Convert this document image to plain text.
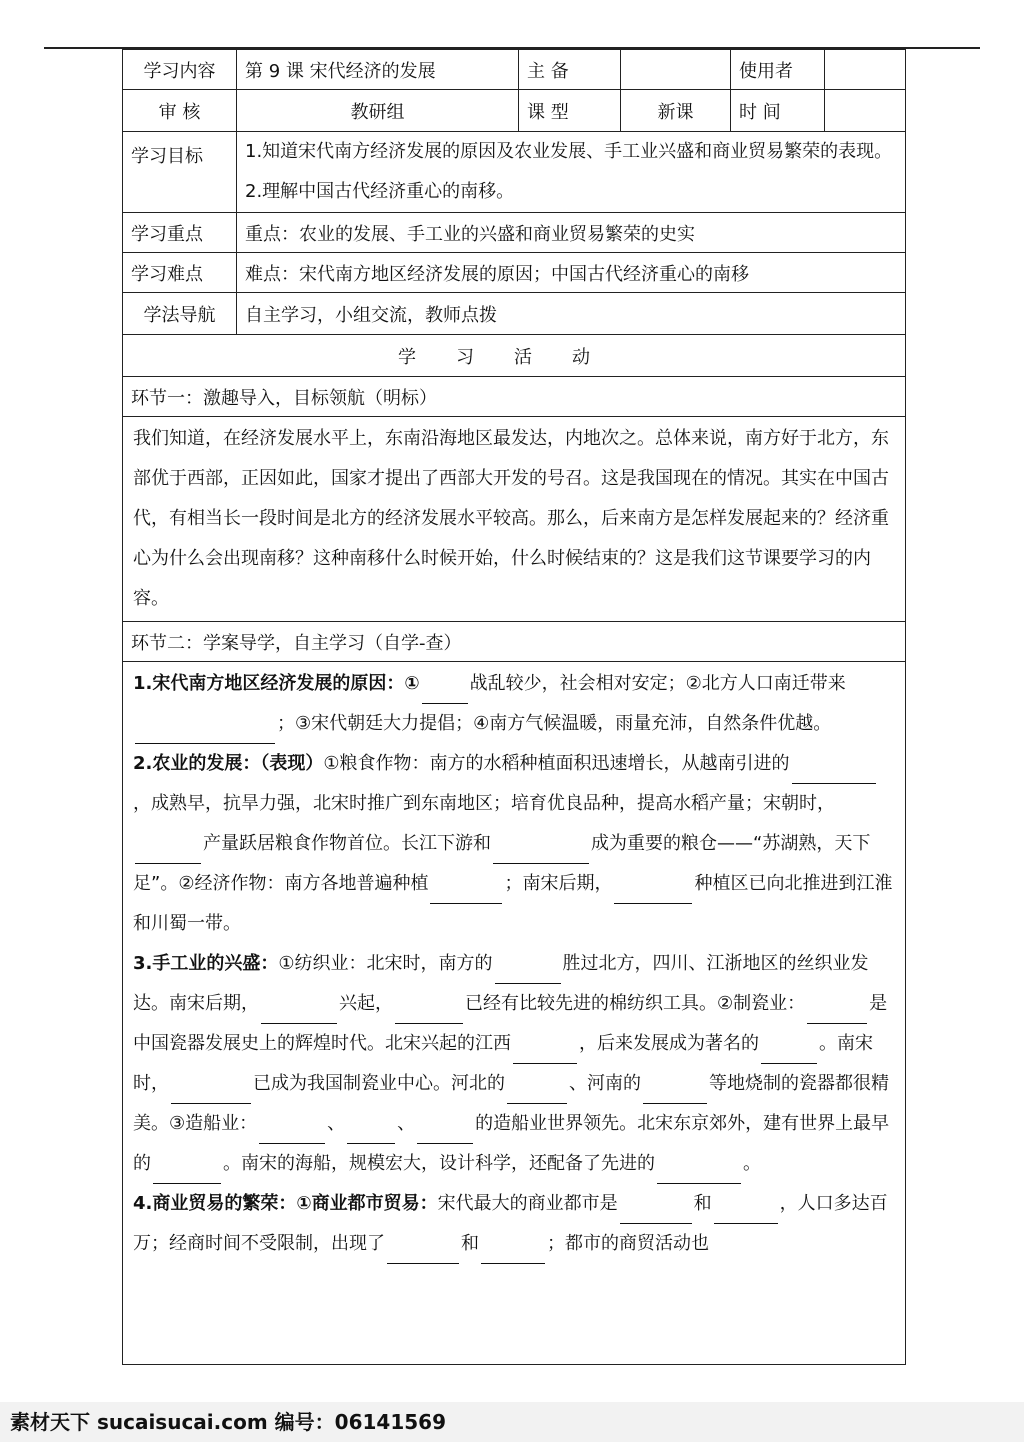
学习内容	第 9 课 宋代经济的发展	主 备		使用者	
审 核	教研组	课 型	新课	时 间	
学习目标	1.知道宋代南方经济发展的原因及农业发展、手工业兴盛和商业贸易繁荣的表现。
2.理解中国古代经济重心的南移。				

学习重点	重点：农业的发展、手工业的兴盛和商业贸易繁荣的史实				
学习难点	难点：宋代南方地区经济发展的原因；中国古代经济重心的南移				
学法导航	自主学习，小组交流，教师点拨				
学习活动					
环节一：激趣导入，目标领航（明标）					
我们知道，在经济发展水平上，东南沿海地区最发达，内地次之。总体来说，南方好于北方，东部优于西部，正因如此，国家才提出了西部大开发的号召。这是我国现在的情况。其实在中国古代，有相当长一段时间是北方的经济发展水平较高。那么，后来南方是怎样发展起来的？经济重心为什么会出现南移？这种南移什么时候开始，什么时候结束的？这是我们这节课要学习的内容。					
环节二：学案导学，自主学习（自学-查）					

1.宋代南方地区经济发展的原因：① 战乱较少，社会相对安定；②北方人口南迁带来；③宋代朝廷大力提倡；④南方气候温暖，雨量充沛，自然条件优越。
2.农业的发展：（表现）①粮食作物：南方的水稻种植面积迅速增长，从越南引进的，成熟早，抗旱力强，北宋时推广到东南地区；培育优良品种，提高水稻产量；宋朝时，产量跃居粮食作物首位。长江下游和 成为重要的粮仓——“苏湖熟，天下足”。②经济作物：南方各地普遍种植 ；南宋后期， 种植区已向北推进到江淮和川蜀一带。
3.手工业的兴盛：①纺织业：北宋时，南方的 胜过北方，四川、江浙地区的丝织业发达。南宋后期， 兴起， 已经有比较先进的棉纺织工具。②制瓷业： 是中国瓷器发展史上的辉煌时代。北宋兴起的江西 ，后来发展成为著名的 。南宋时， 已成为我国制瓷业中心。河北的 、河南的 等地烧制的瓷器都很精美。③造船业： 、 、 的造船业世界领先。北宋东京郊外，建有世界上最早的 。南宋的海船，规模宏大，设计科学，还配备了先进的 。
4.商业贸易的繁荣：①商业都市贸易：宋代最大的商业都市是 和 ，人口多达百万；经商时间不受限制，出现了 和 ；都市的商贸活动也					
素材天下 sucaisucai.com 编号：06141569
